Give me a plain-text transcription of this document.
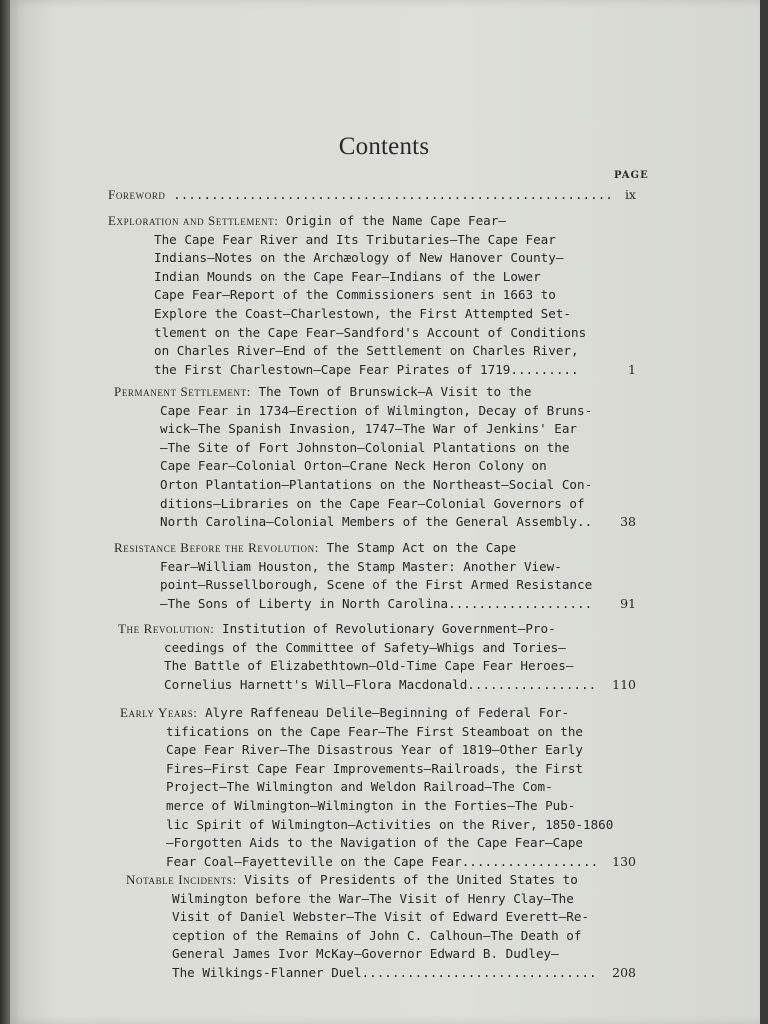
Contents
PAGE
Foreword .......................................................... ix
Exploration and Settlement: Origin of the Name Cape Fear—
The Cape Fear River and Its Tributaries—The Cape Fear
Indians—Notes on the Archæology of New Hanover County—
Indian Mounds on the Cape Fear—Indians of the Lower
Cape Fear—Report of the Commissioners sent in 1663 to
Explore the Coast—Charlestown, the First Attempted Set-
tlement on the Cape Fear—Sandford's Account of Conditions
on Charles River—End of the Settlement on Charles River,
the First Charlestown—Cape Fear Pirates of 1719.........	1
Permanent Settlement: The Town of Brunswick—A Visit to the
Cape Fear in 1734—Erection of Wilmington, Decay of Bruns-
wick—The Spanish Invasion, 1747—The War of Jenkins' Ear
—The Site of Fort Johnston—Colonial Plantations on the
Cape Fear—Colonial Orton—Crane Neck Heron Colony on
Orton Plantation—Plantations on the Northeast—Social Con-
ditions—Libraries on the Cape Fear—Colonial Governors of
North Carolina—Colonial Members of the General Assembly.. 38
Resistance Before the Revolution: The Stamp Act on the Cape
Fear—William Houston, the Stamp Master: Another View-
point—Russellborough, Scene of the First Armed Resistance
—The Sons of Liberty in North Carolina................... 91
The Revolution: Institution of Revolutionary Government—Pro-
ceedings of the Committee of Safety—Whigs and Tories—
The Battle of Elizabethtown—Old-Time Cape Fear Heroes—
Cornelius Harnett's Will—Flora Macdonald................. 110
Early Years: Alyre Raffeneau Delile—Beginning of Federal For-
tifications on the Cape Fear—The First Steamboat on the
Cape Fear River—The Disastrous Year of 1819—Other Early
Fires—First Cape Fear Improvements—Railroads, the First
Project—The Wilmington and Weldon Railroad—The Com-
merce of Wilmington—Wilmington in the Forties—The Pub-
lic Spirit of Wilmington—Activities on the River, 1850-1860
—Forgotten Aids to the Navigation of the Cape Fear—Cape
Fear Coal—Fayetteville on the Cape Fear.................. 130
Notable Incidents: Visits of Presidents of the United States to
Wilmington before the War—The Visit of Henry Clay—The
Visit of Daniel Webster—The Visit of Edward Everett—Re-
ception of the Remains of John C. Calhoun—The Death of
General James Ivor McKay—Governor Edward B. Dudley—
The Wilkings-Flanner Duel............................... 208
